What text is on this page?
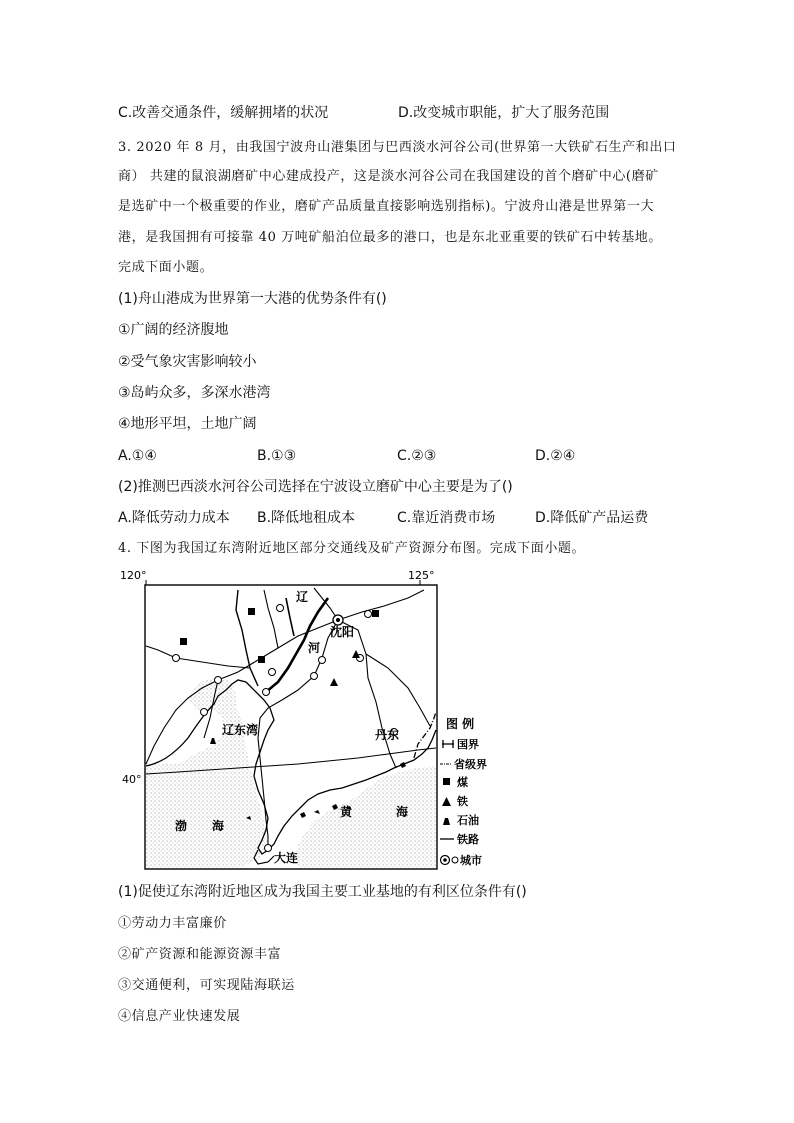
C.改善交通条件，缓解拥堵的状况	D.改变城市职能，扩大了服务范围
3. 2020 年 8 月，由我国宁波舟山港集团与巴西淡水河谷公司(世界第一大铁矿石生产和出口
商） 共建的鼠浪湖磨矿中心建成投产，这是淡水河谷公司在我国建设的首个磨矿中心(磨矿
是选矿中一个极重要的作业，磨矿产品质量直接影响选别指标)。宁波舟山港是世界第一大
港，是我国拥有可接靠 40 万吨矿船泊位最多的港口，也是东北亚重要的铁矿石中转基地。
完成下面小题。
(1)舟山港成为世界第一大港的优势条件有()
①广阔的经济腹地
②受气象灾害影响较小
③岛屿众多，多深水港湾
④地形平坦，土地广阔
A.①④	B.①③	C.②③	D.②④
(2)推测巴西淡水河谷公司选择在宁波设立磨矿中心主要是为了()
A.降低劳动力成本 B.降低地租成本	C.靠近消费市场	D.降低矿产品运费
4. 下图为我国辽东湾附近地区部分交通线及矿产资源分布图。完成下面小题。
120°	125°
40°
辽
河
沈阳
辽东湾	丹东
渤 海
黄	海
大连
图 例
国界
省级界
煤
铁
石油
铁路
城市
(1)促使辽东湾附近地区成为我国主要工业基地的有利区位条件有()
①劳动力丰富廉价
②矿产资源和能源资源丰富
③交通便利，可实现陆海联运
④信息产业快速发展
